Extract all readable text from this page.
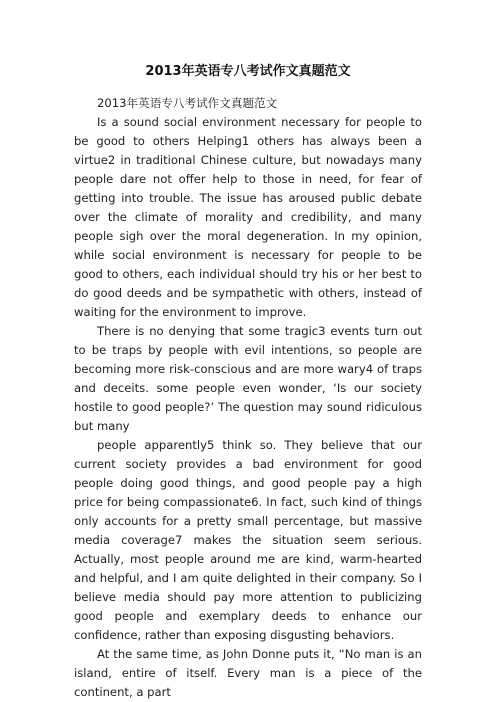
2013年英语专八考试作文真题范文

2013年英语专八考试作文真题范文

Is a sound social environment necessary for people to be good to others Helping1 others has always been a virtue2 in traditional Chinese culture, but nowadays many people dare not offer help to those in need, for fear of getting into trouble. The issue has aroused public debate over the climate of morality and credibility, and many people sigh over the moral degeneration. In my opinion, while social environment is necessary for people to be good to others, each individual should try his or her best to do good deeds and be sympathetic with others, instead of waiting for the environment to improve.

There is no denying that some tragic3 events turn out to be traps by people with evil intentions, so people are becoming more risk-conscious and are more wary4 of traps and deceits. some people even wonder, ‘Is our society hostile to good people?’ The question may sound ridiculous but many

people apparently5 think so. They believe that our current society provides a bad environment for good people doing good things, and good people pay a high price for being compassionate6. In fact, such kind of things only accounts for a pretty small percentage, but massive media coverage7 makes the situation seem serious. Actually, most people around me are kind, warm-hearted and helpful, and I am quite delighted in their company. So I believe media should pay more attention to publicizing good people and exemplary deeds to enhance our confidence, rather than exposing disgusting behaviors.

At the same time, as John Donne puts it, “No man is an island, entire of itself. Every man is a piece of the continent, a part
